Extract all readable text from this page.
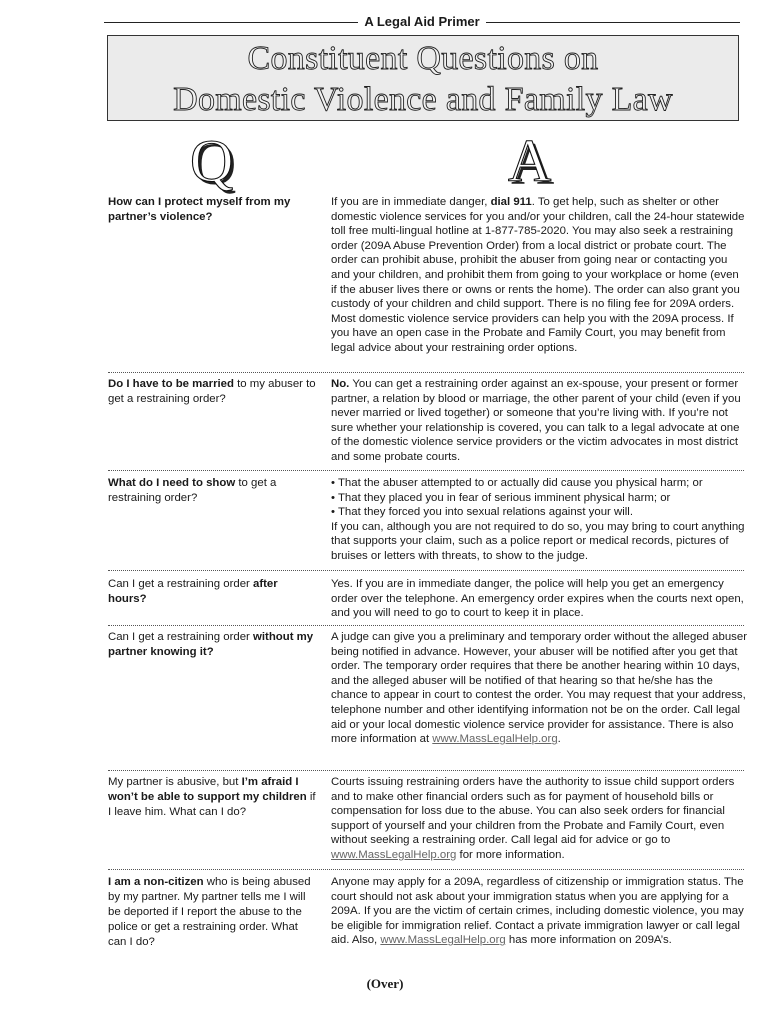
A Legal Aid Primer
Constituent Questions on
Domestic Violence and Family Law
Q	A
How can I protect myself from my partner’s violence?
If you are in immediate danger, dial 911. To get help, such as shelter or other domestic violence services for you and/or your children, call the 24-hour statewide toll free multi-lingual hotline at 1-877-785-2020. You may also seek a restraining order (209A Abuse Prevention Order) from a local district or probate court. The order can prohibit abuse, prohibit the abuser from going near or contacting you and your children, and prohibit them from going to your workplace or home (even if the abuser lives there or owns or rents the home). The order can also grant you custody of your children and child support. There is no filing fee for 209A orders. Most domestic violence service providers can help you with the 209A process. If you have an open case in the Probate and Family Court, you may benefit from legal advice about your restraining order options.
Do I have to be married to my abuser to get a restraining order?
No. You can get a restraining order against an ex-spouse, your present or former partner, a relation by blood or marriage, the other parent of your child (even if you never married or lived together) or someone that you’re living with. If you’re not sure whether your relationship is covered, you can talk to a legal advocate at one of the domestic violence service providers or the victim advocates in most district and some probate courts.
What do I need to show to get a restraining order?
• That the abuser attempted to or actually did cause you physical harm; or
• That they placed you in fear of serious imminent physical harm; or
• That they forced you into sexual relations against your will.

If you can, although you are not required to do so, you may bring to court anything that supports your claim, such as a police report or medical records, pictures of bruises or letters with threats, to show to the judge.

Can I get a restraining order after hours?
Yes. If you are in immediate danger, the police will help you get an emergency order over the telephone. An emergency order expires when the courts next open, and you will need to go to court to keep it in place.
Can I get a restraining order without my partner knowing it?
A judge can give you a preliminary and temporary order without the alleged abuser being notified in advance. However, your abuser will be notified after you get that order. The temporary order requires that there be another hearing within 10 days, and the alleged abuser will be notified of that hearing so that he/she has the chance to appear in court to contest the order. You may request that your address, telephone number and other identifying information not be on the order. Call legal aid or your local domestic violence service provider for assistance. There is also more information at www.MassLegalHelp.org.
My partner is abusive, but I’m afraid I won’t be able to support my children if I leave him. What can I do?
Courts issuing restraining orders have the authority to issue child support orders and to make other financial orders such as for payment of household bills or compensation for loss due to the abuse. You can also seek orders for financial support of yourself and your children from the Probate and Family Court, even without seeking a restraining order. Call legal aid for advice or go to www.MassLegalHelp.org for more information.
I am a non-citizen who is being abused by my partner. My partner tells me I will be deported if I report the abuse to the police or get a restraining order. What can I do?
Anyone may apply for a 209A, regardless of citizenship or immigration status. The court should not ask about your immigration status when you are applying for a 209A. If you are the victim of certain crimes, including domestic violence, you may be eligible for immigration relief. Contact a private immigration lawyer or call legal aid. Also, www.MassLegalHelp.org has more information on 209A’s.
(Over)
